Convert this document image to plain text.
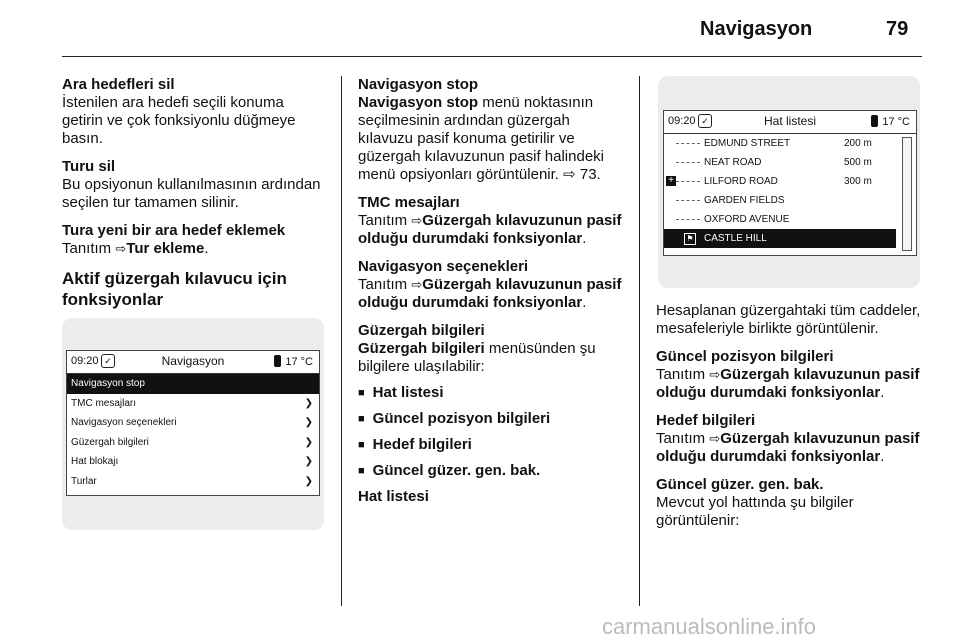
Navigasyon	79
Ara hedefleri sil

İstenilen ara hedefi seçili konuma getirin ve çok fonksiyonlu düğmeye basın.

Turu sil

Bu opsiyonun kullanılmasının ardından seçilen tur tamamen silinir.

Tura yeni bir ara hedef eklemek

Tanıtım ⇨Tur ekleme.

Aktif güzergah kılavucu için fonksiyonlar
09:20 ✓	Navigasyon	17 °C
Navigasyon stop
TMC mesajları	❯
Navigasyon seçenekleri	❯
Güzergah bilgileri	❯
Hat blokajı	❯
Turlar	❯
Navigasyon stop

Navigasyon stop menü noktasının seçilmesinin ardından güzergah kılavuzu pasif konuma getirilir ve güzergah kılavuzunun pasif halindeki menü opsiyonları görüntülenir. ⇨ 73.

TMC mesajları

Tanıtım ⇨Güzergah kılavuzunun pasif olduğu durumdaki fonksiyonlar.

Navigasyon seçenekleri

Tanıtım ⇨Güzergah kılavuzunun pasif olduğu durumdaki fonksiyonlar.

Güzergah bilgileri

Güzergah bilgileri menüsünden şu bilgilere ulaşılabilir:

■ Hat listesi
■ Güncel pozisyon bilgileri
■ Hedef bilgileri
■ Güncel güzer. gen. bak.
Hat listesi
09:20 ✓	Hat listesi	17 °C
EDMUND STREET	200 m
NEAT ROAD	500 m
+	LILFORD ROAD	300 m
GARDEN FIELDS
OXFORD AVENUE
⚑ CASTLE HILL

Hesaplanan güzergahtaki tüm caddeler, mesafeleriyle birlikte görüntülenir.

Güncel pozisyon bilgileri

Tanıtım ⇨Güzergah kılavuzunun pasif olduğu durumdaki fonksiyonlar.

Hedef bilgileri

Tanıtım ⇨Güzergah kılavuzunun pasif olduğu durumdaki fonksiyonlar.

Güncel güzer. gen. bak.

Mevcut yol hattında şu bilgiler görüntülenir:

carmanualsonline.info
